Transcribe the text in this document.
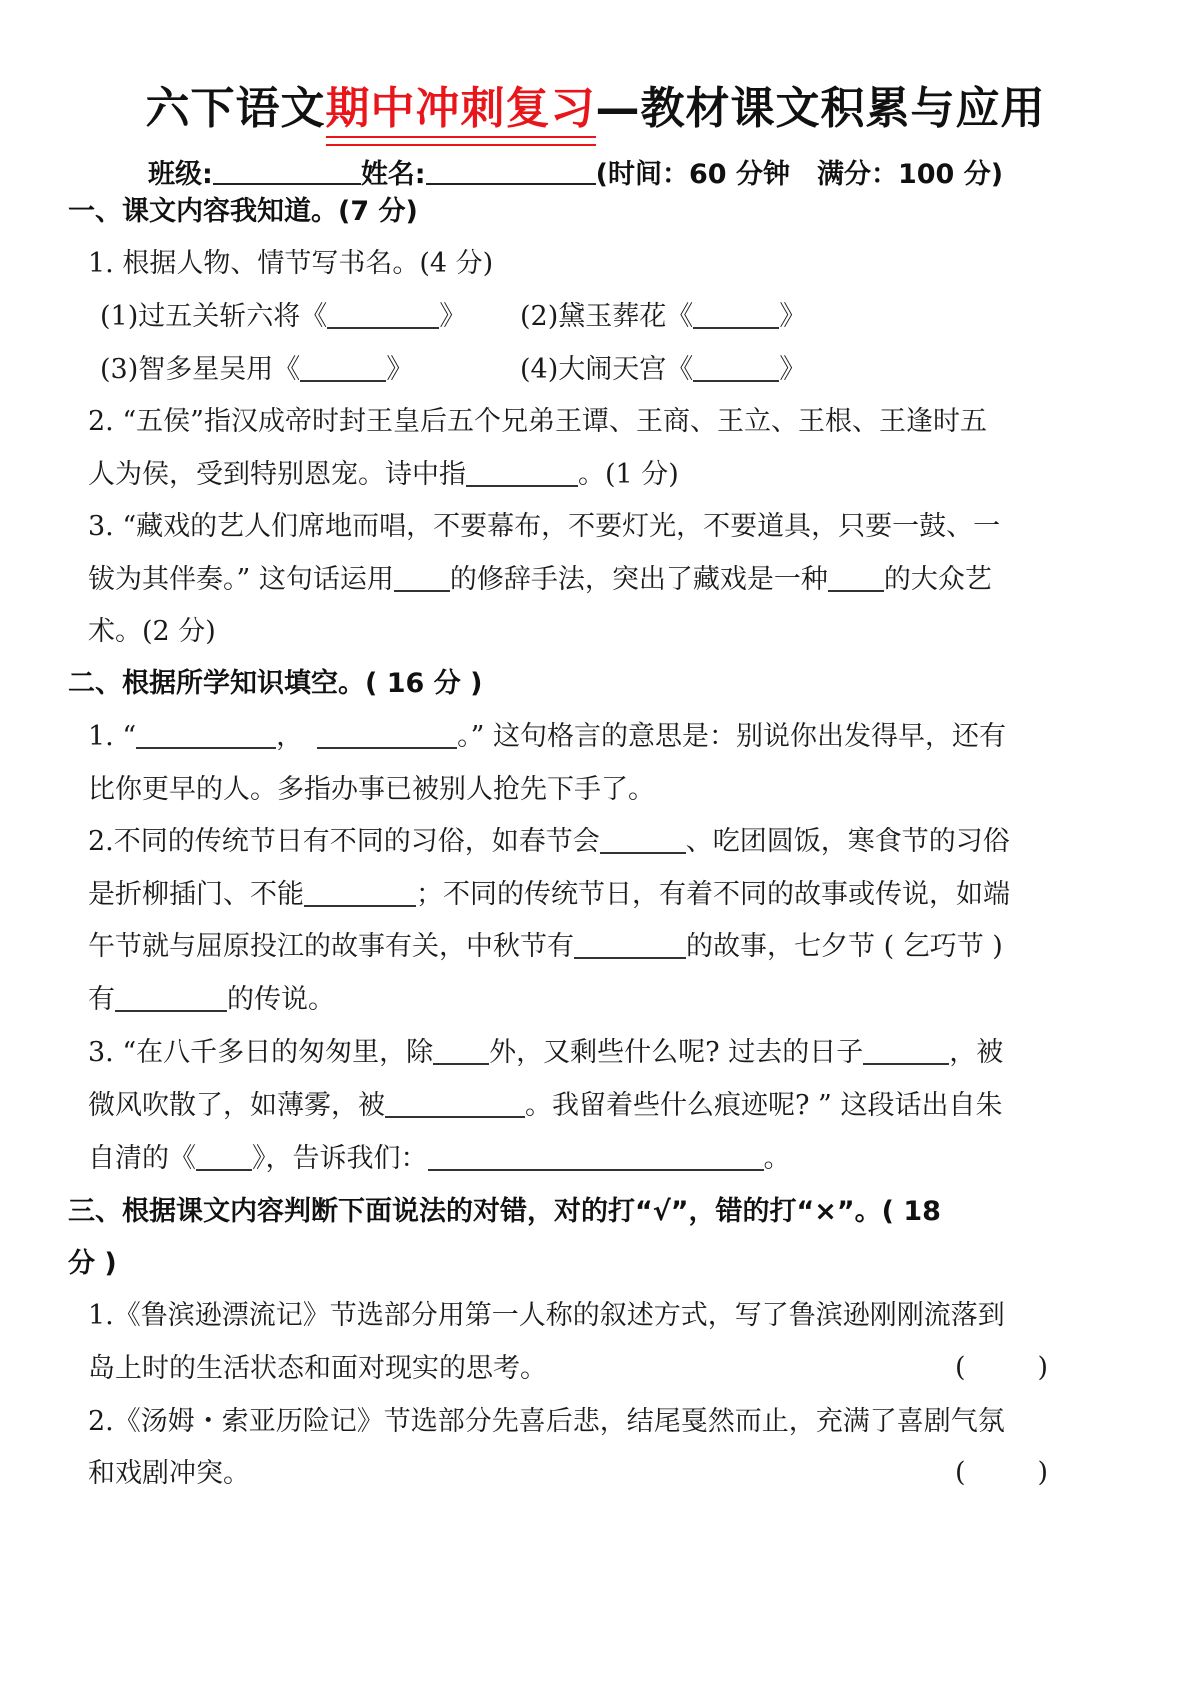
六下语文期中冲刺复习—教材课文积累与应用
班级:	姓名:	(时间：60 分钟　满分：100 分)
一、课文内容我知道。(7 分)
1. 根据人物、情节写书名。(4 分)
(1)过五关斩六将《	》 (2)黛玉葬花《	》
(3)智多星吴用《	》	(4)大闹天宫《	》
2. “五侯”指汉成帝时封王皇后五个兄弟王谭、王商、王立、王根、王逢时五
人为侯，受到特别恩宠。诗中指	。(1 分)
3. “藏戏的艺人们席地而唱，不要幕布，不要灯光，不要道具，只要一鼓、一
钹为其伴奏。” 这句话运用 的修辞手法，突出了藏戏是一种 的大众艺
术。(2 分)
二、根据所学知识填空。( 16 分 )
1. “	，	。” 这句格言的意思是：别说你出发得早，还有
比你更早的人。多指办事已被别人抢先下手了。
2.不同的传统节日有不同的习俗，如春节会	、吃团圆饭，寒食节的习俗
是折柳插门、不能	；不同的传统节日，有着不同的故事或传说，如端
午节就与屈原投江的故事有关，中秋节有	的故事，七夕节 ( 乞巧节 )
有	的传说。
3. “在八千多日的匆匆里，除 外，又剩些什么呢? 过去的日子	，被
微风吹散了，如薄雾，被	。我留着些什么痕迹呢? ” 这段话出自朱
自清的《 》，告诉我们：	。
三、根据课文内容判断下面说法的对错，对的打“√”，错的打“×”。( 18
分 )
1.《鲁滨逊漂流记》节选部分用第一人称的叙述方式，写了鲁滨逊刚刚流落到
岛上时的生活状态和面对现实的思考。	(	)
2.《汤姆・索亚历险记》节选部分先喜后悲，结尾戛然而止，充满了喜剧气氛
和戏剧冲突。	(	)
